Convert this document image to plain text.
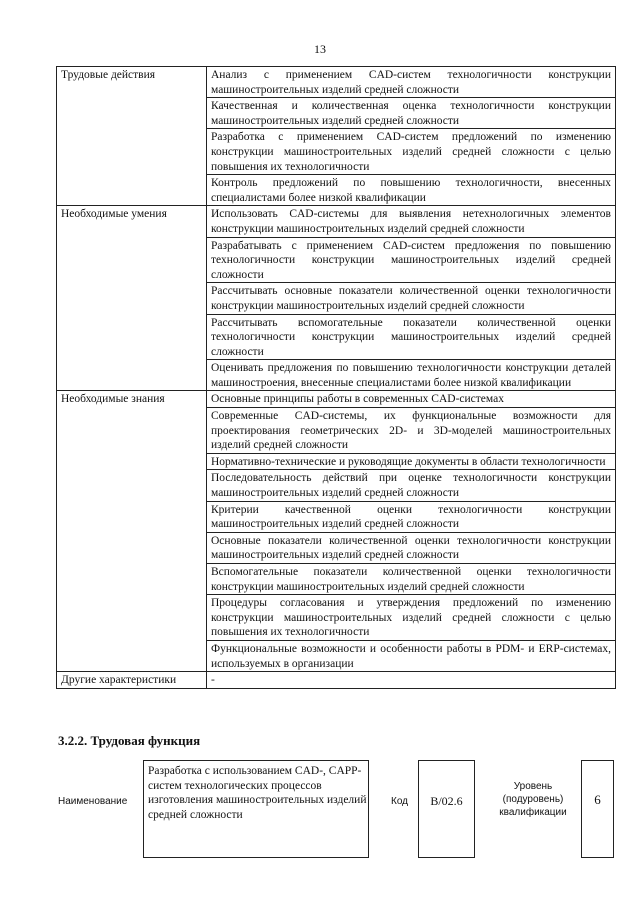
13
Трудовые действия	Анализ с применением CAD-систем технологичности конструкции машиностроительных изделий средней сложности
	Качественная и количественная оценка технологичности конструкции машиностроительных изделий средней сложности
	Разработка с применением CAD-систем предложений по изменению конструкции машиностроительных изделий средней сложности с целью повышения их технологичности
	Контроль предложений по повышению технологичности, внесенных специалистами более низкой квалификации
Необходимые умения	Использовать CAD-системы для выявления нетехнологичных элементов конструкции машиностроительных изделий средней сложности
	Разрабатывать с применением CAD-систем предложения по повышению технологичности конструкции машиностроительных изделий средней сложности
	Рассчитывать основные показатели количественной оценки технологичности конструкции машиностроительных изделий средней сложности
	Рассчитывать вспомогательные показатели количественной оценки технологичности конструкции машиностроительных изделий средней сложности
	Оценивать предложения по повышению технологичности конструкции деталей машиностроения, внесенные специалистами более низкой квалификации
Необходимые знания	Основные принципы работы в современных CAD-системах
	Современные CAD-системы, их функциональные возможности для проектирования геометрических 2D- и 3D-моделей машиностроительных изделий средней сложности
	Нормативно-технические и руководящие документы в области технологичности
	Последовательность действий при оценке технологичности конструкции машиностроительных изделий средней сложности
	Критерии качественной оценки технологичности конструкции машиностроительных изделий средней сложности
	Основные показатели количественной оценки технологичности конструкции машиностроительных изделий средней сложности
	Вспомогательные показатели количественной оценки технологичности конструкции машиностроительных изделий средней сложности
	Процедуры согласования и утверждения предложений по изменению конструкции машиностроительных изделий средней сложности с целью повышения их технологичности
	Функциональные возможности и особенности работы в PDM- и ERP-системах, используемых в организации
Другие характеристики	-
3.2.2. Трудовая функция
Наименование
Разработка с использованием CAD-, CAPP-систем технологических процессов изготовления машиностроительных изделий средней сложности
Код	B/02.6
Уровень (подуровень) квалификации
6
